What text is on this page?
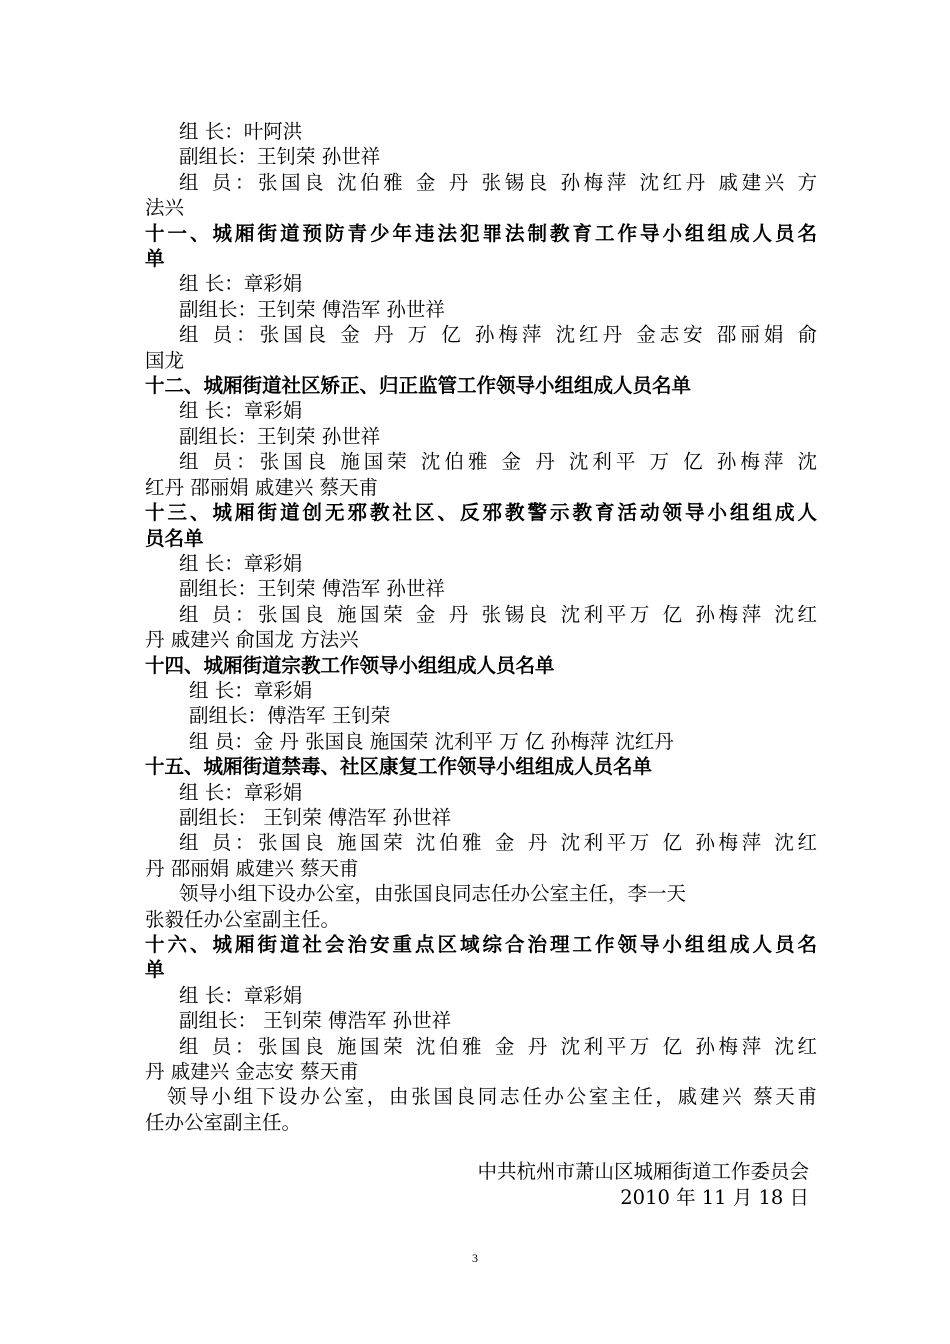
组 长：叶阿洪
副组长：王钊荣 孙世祥
组 员：张国良 沈伯雅 金 丹 张锡良 孙梅萍 沈红丹 戚建兴 方
法兴
十一、城厢街道预防青少年违法犯罪法制教育工作导小组组成人员名
单
组 长：章彩娟
副组长：王钊荣 傅浩军 孙世祥
组 员：张国良 金 丹 万 亿 孙梅萍 沈红丹 金志安 邵丽娟 俞
国龙
十二、城厢街道社区矫正、归正监管工作领导小组组成人员名单
组 长：章彩娟
副组长：王钊荣 孙世祥
组 员：张国良 施国荣 沈伯雅 金 丹 沈利平 万 亿 孙梅萍 沈
红丹 邵丽娟 戚建兴 蔡天甫
十三、城厢街道创无邪教社区、反邪教警示教育活动领导小组组成人
员名单
组 长：章彩娟
副组长：王钊荣 傅浩军 孙世祥
组 员：张国良 施国荣 金 丹 张锡良 沈利平万 亿 孙梅萍 沈红
丹 戚建兴 俞国龙 方法兴
十四、城厢街道宗教工作领导小组组成人员名单
组 长：章彩娟
副组长：傅浩军 王钊荣
组 员：金 丹 张国良 施国荣 沈利平 万 亿 孙梅萍 沈红丹
十五、城厢街道禁毒、社区康复工作领导小组组成人员名单
组 长：章彩娟
副组长： 王钊荣 傅浩军 孙世祥
组 员：张国良 施国荣 沈伯雅 金 丹 沈利平万 亿 孙梅萍 沈红
丹 邵丽娟 戚建兴 蔡天甫
领导小组下设办公室，由张国良同志任办公室主任，李一天
张毅任办公室副主任。
十六、城厢街道社会治安重点区域综合治理工作领导小组组成人员名
单
组 长：章彩娟
副组长： 王钊荣 傅浩军 孙世祥
组 员：张国良 施国荣 沈伯雅 金 丹 沈利平万 亿 孙梅萍 沈红
丹 戚建兴 金志安 蔡天甫
领导小组下设办公室，由张国良同志任办公室主任，戚建兴 蔡天甫
任办公室副主任。
中共杭州市萧山区城厢街道工作委员会
2010 年 11 月 18 日
3
